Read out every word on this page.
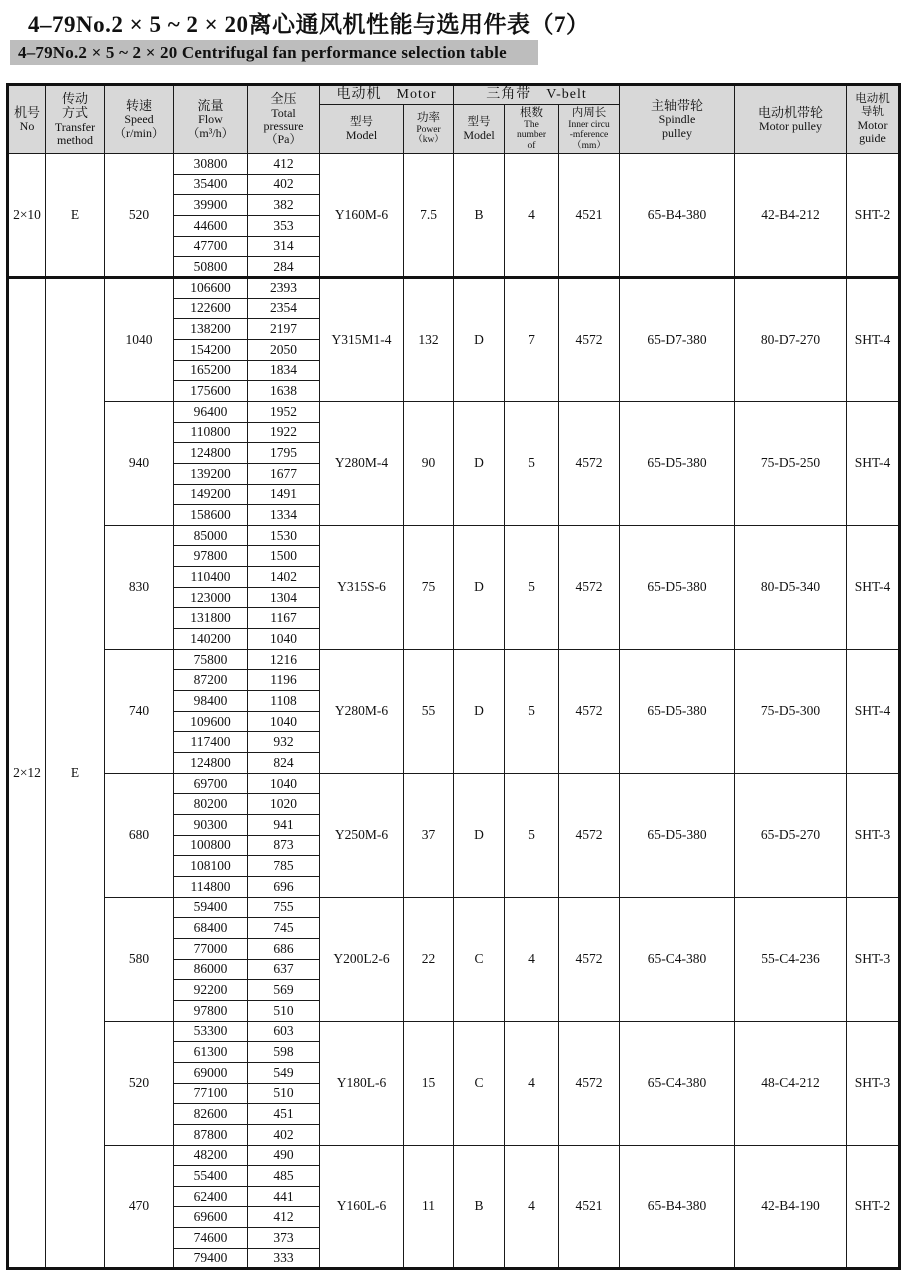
4–79No.2 × 5 ~ 2 × 20离心通风机性能与选用件表（7）
4–79No.2 × 5 ~ 2 × 20 Centrifugal fan performance selection table
机号
No	传动
方式
Transfer
method	转速
Speed
（r/min）	流量
Flow
（m³/h）	全压
Total
pressure
（Pa）	电动机　Motor		三角带　V-belt			主轴带轮
Spindle
pulley	电动机带轮
Motor pulley	电动机
导轨
Motor
guide

					型号
Model	功率
Power
（kw）	型号
Model	根数
The
number
of	内周长
Inner circu
-mference
（mm）			

2×10	E	520	30800	412	Y160M-6	7.5	B	4	4521	65-B4-380	42-B4-212	SHT-2
			35400	402								
			39900	382								
			44600	353								
			47700	314								
			50800	284								
2×12	E	1040	106600	2393	Y315M1-4	132	D	7	4572	65-D7-380	80-D7-270	SHT-4
			122600	2354								
			138200	2197								
			154200	2050								
			165200	1834								
			175600	1638								
		940	96400	1952	Y280M-4	90	D	5	4572	65-D5-380	75-D5-250	SHT-4
			110800	1922								
			124800	1795								
			139200	1677								
			149200	1491								
			158600	1334								
		830	85000	1530	Y315S-6	75	D	5	4572	65-D5-380	80-D5-340	SHT-4
			97800	1500								
			110400	1402								
			123000	1304								
			131800	1167								
			140200	1040								
		740	75800	1216	Y280M-6	55	D	5	4572	65-D5-380	75-D5-300	SHT-4
			87200	1196								
			98400	1108								
			109600	1040								
			117400	932								
			124800	824								
		680	69700	1040	Y250M-6	37	D	5	4572	65-D5-380	65-D5-270	SHT-3
			80200	1020								
			90300	941								
			100800	873								
			108100	785								
			114800	696								
		580	59400	755	Y200L2-6	22	C	4	4572	65-C4-380	55-C4-236	SHT-3
			68400	745								
			77000	686								
			86000	637								
			92200	569								
			97800	510								
		520	53300	603	Y180L-6	15	C	4	4572	65-C4-380	48-C4-212	SHT-3
			61300	598								
			69000	549								
			77100	510								
			82600	451								
			87800	402								
		470	48200	490	Y160L-6	11	B	4	4521	65-B4-380	42-B4-190	SHT-2
			55400	485								
			62400	441								
			69600	412								
			74600	373								
			79400	333								
